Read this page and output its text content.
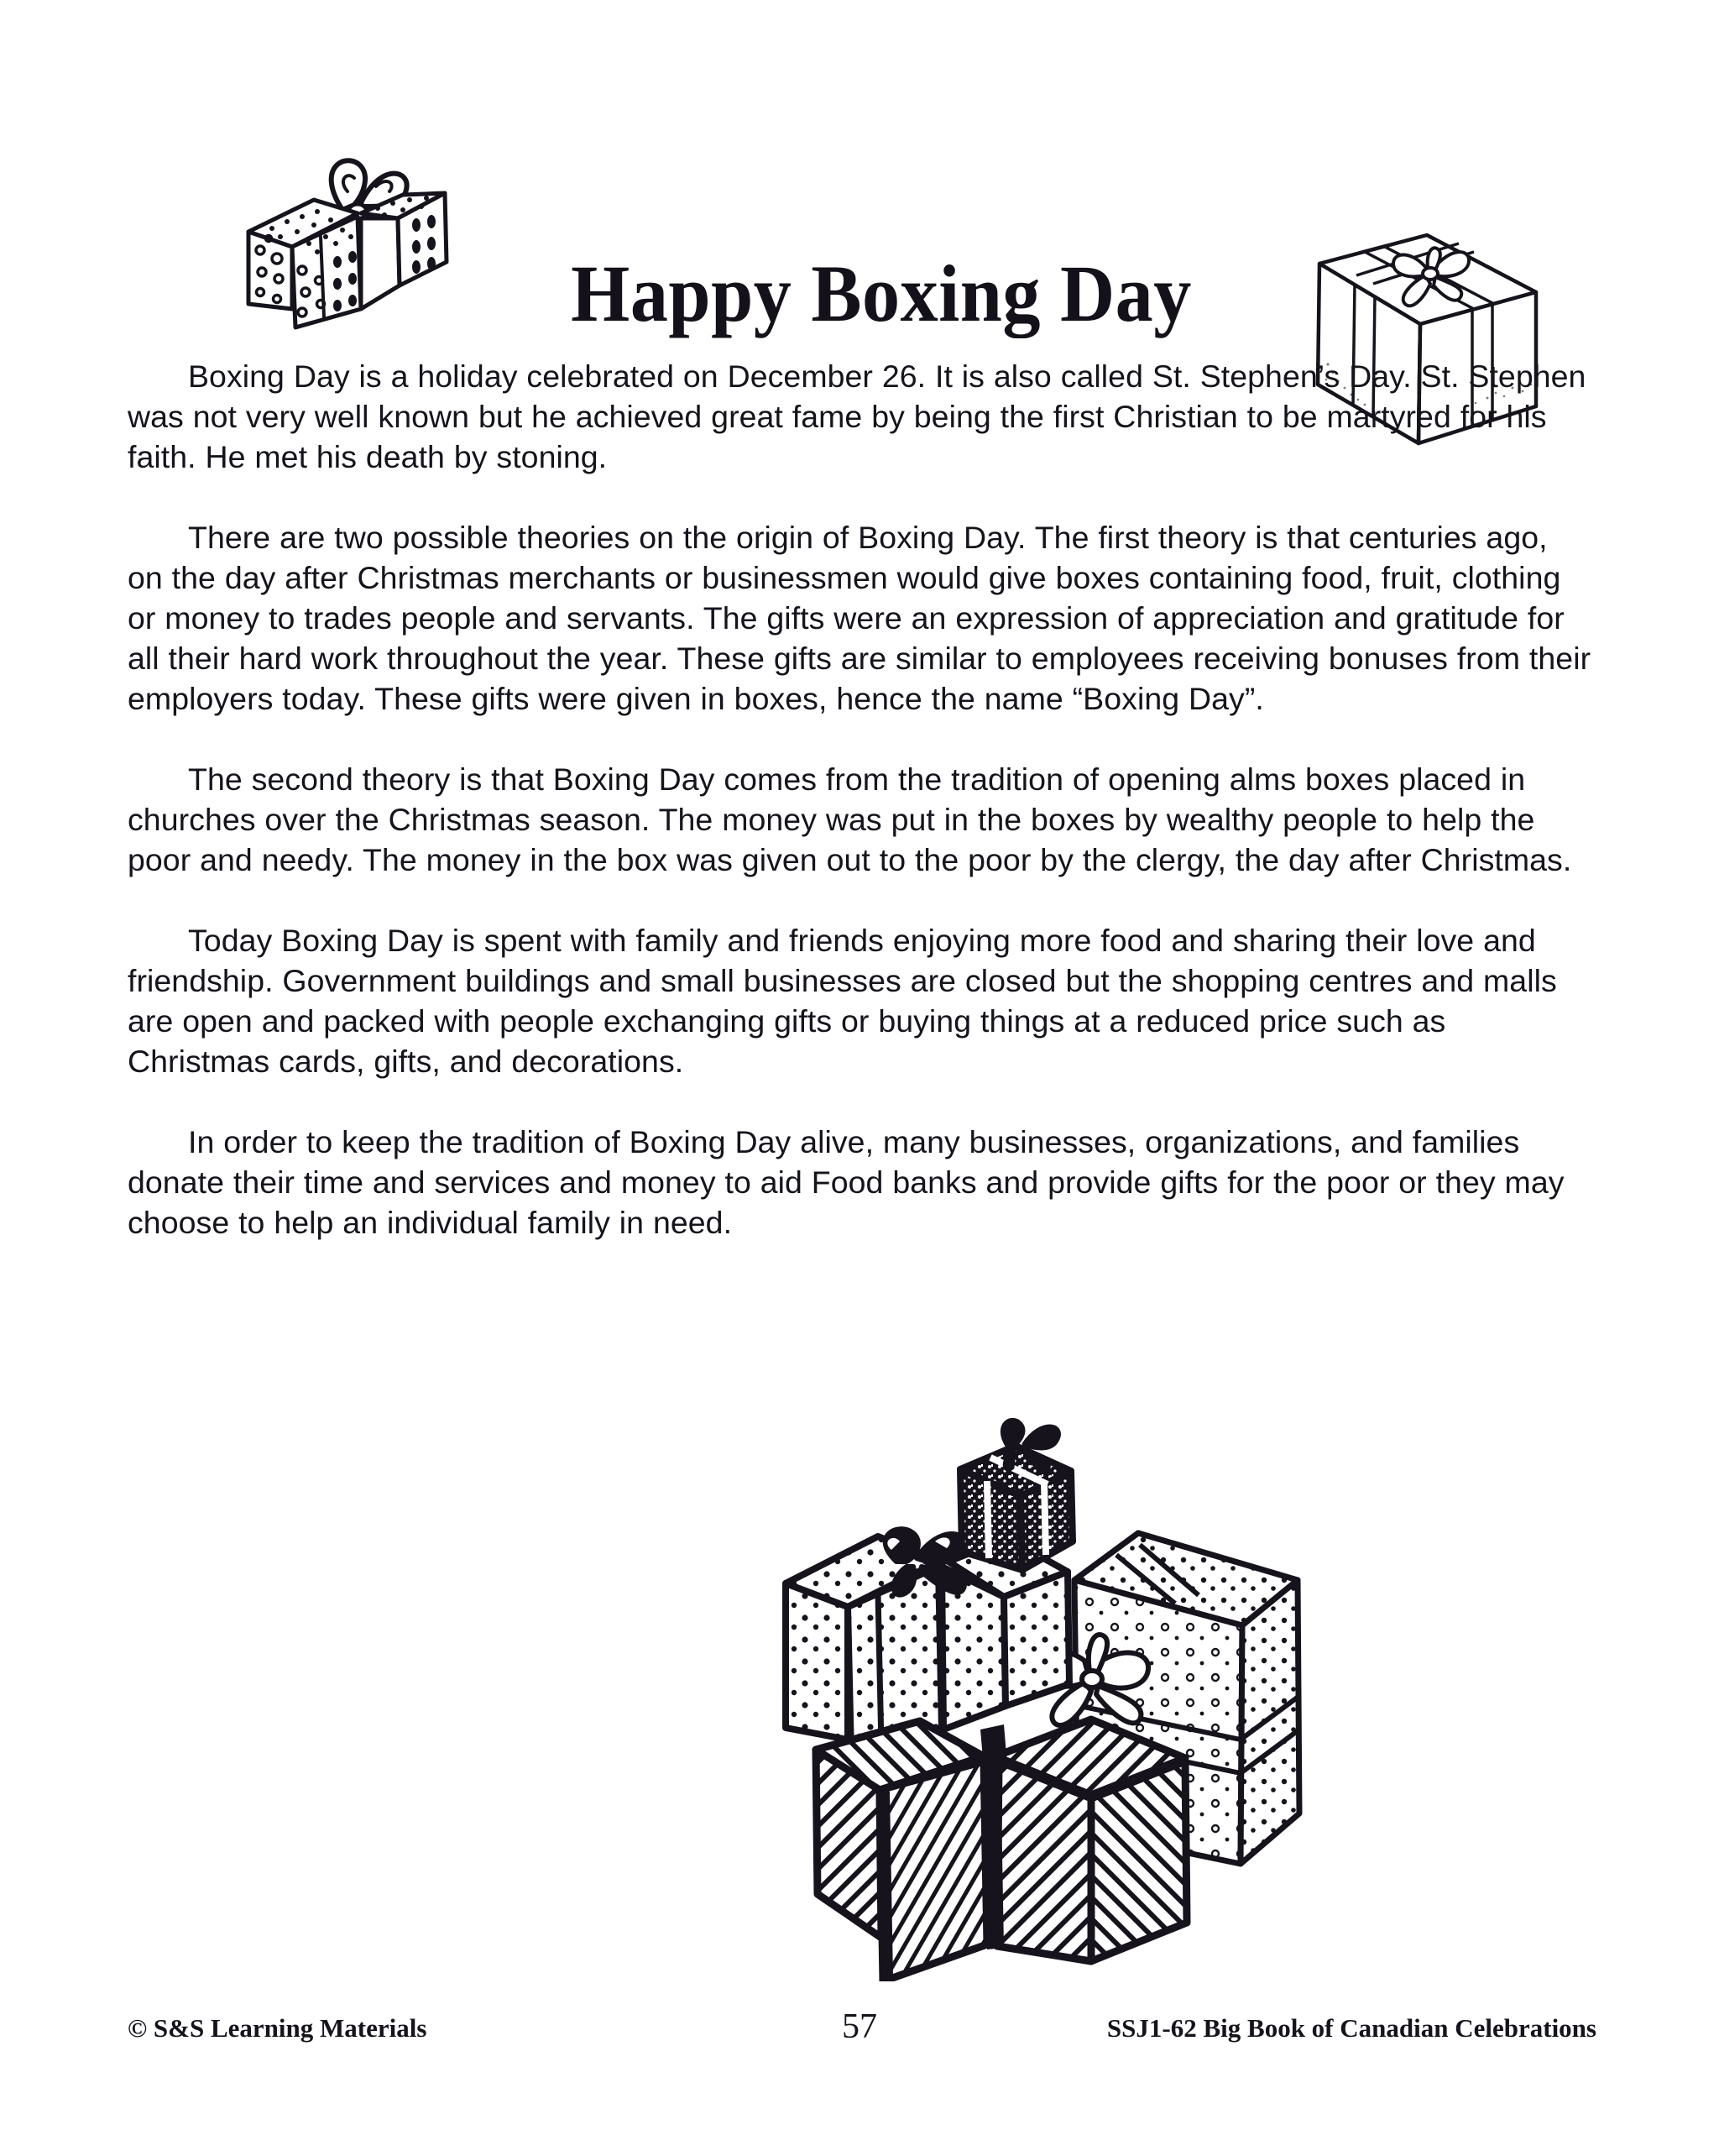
Happy Boxing Day

Boxing Day is a holiday celebrated on December 26. It is also called St. Stephen’s Day. St. Stephen was not very well known but he achieved great fame by being the first Christian to be martyred for his faith. He met his death by stoning.

There are two possible theories on the origin of Boxing Day. The first theory is that centuries ago, on the day after Christmas merchants or businessmen would give boxes containing food, fruit, clothing or money to trades people and servants. The gifts were an expression of appreciation and gratitude for all their hard work throughout the year. These gifts are similar to employees receiving bonuses from their employers today. These gifts were given in boxes, hence the name “Boxing Day”.

The second theory is that Boxing Day comes from the tradition of opening alms boxes placed in churches over the Christmas season. The money was put in the boxes by wealthy people to help the poor and needy. The money in the box was given out to the poor by the clergy, the day after Christmas.

Today Boxing Day is spent with family and friends enjoying more food and sharing their love and friendship. Government buildings and small businesses are closed but the shopping centres and malls are open and packed with people exchanging gifts or buying things at a reduced price such as Christmas cards, gifts, and decorations.

In order to keep the tradition of Boxing Day alive, many businesses, organizations, and families donate their time and services and money to aid Food banks and provide gifts for the poor or they may choose to help an individual family in need.

© S&S Learning Materials	57	SSJ1-62 Big Book of Canadian Celebrations
